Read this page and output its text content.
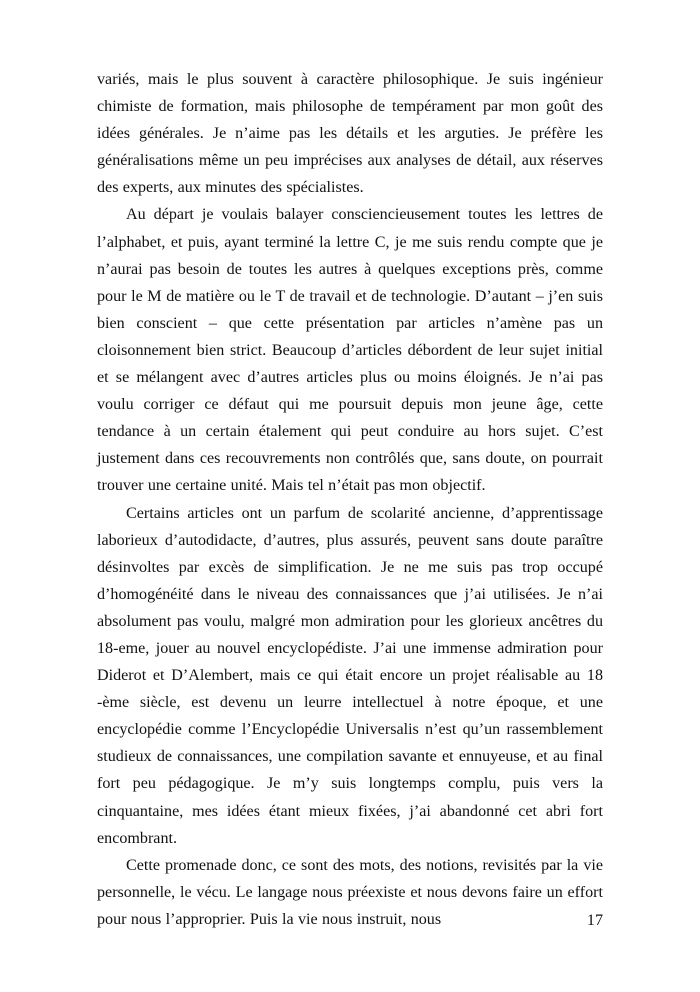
variés, mais le plus souvent à caractère philosophique. Je suis ingénieur chimiste de formation, mais philosophe de tempérament par mon goût des idées générales. Je n’aime pas les détails et les arguties. Je préfère les généralisations même un peu imprécises aux analyses de détail, aux réserves des experts, aux minutes des spécialistes.

Au départ je voulais balayer consciencieusement toutes les lettres de l’alphabet, et puis, ayant terminé la lettre C, je me suis rendu compte que je n’aurai pas besoin de toutes les autres à quelques exceptions près, comme pour le M de matière ou le T de travail et de technologie. D’autant – j’en suis bien conscient – que cette présentation par articles n’amène pas un cloisonnement bien strict. Beaucoup d’articles débordent de leur sujet initial et se mélangent avec d’autres articles plus ou moins éloignés. Je n’ai pas voulu corriger ce défaut qui me poursuit depuis mon jeune âge, cette tendance à un certain étalement qui peut conduire au hors sujet. C’est justement dans ces recouvrements non contrôlés que, sans doute, on pourrait trouver une certaine unité. Mais tel n’était pas mon objectif.

Certains articles ont un parfum de scolarité ancienne, d’apprentissage laborieux d’autodidacte, d’autres, plus assurés, peuvent sans doute paraître désinvoltes par excès de simplification. Je ne me suis pas trop occupé d’homogénéité dans le niveau des connaissances que j’ai utilisées. Je n’ai absolument pas voulu, malgré mon admiration pour les glorieux ancêtres du 18-eme, jouer au nouvel encyclopédiste. J’ai une immense admiration pour Diderot et D’Alembert, mais ce qui était encore un projet réalisable au 18 -ème siècle, est devenu un leurre intellectuel à notre époque, et une encyclopédie comme l’Encyclopédie Universalis n’est qu’un rassemblement studieux de connaissances, une compilation savante et ennuyeuse, et au final fort peu pédagogique. Je m’y suis longtemps complu, puis vers la cinquantaine, mes idées étant mieux fixées, j’ai abandonné cet abri fort encombrant.

Cette promenade donc, ce sont des mots, des notions, revisités par la vie personnelle, le vécu. Le langage nous préexiste et nous devons faire un effort pour nous l’approprier. Puis la vie nous instruit, nous	17
